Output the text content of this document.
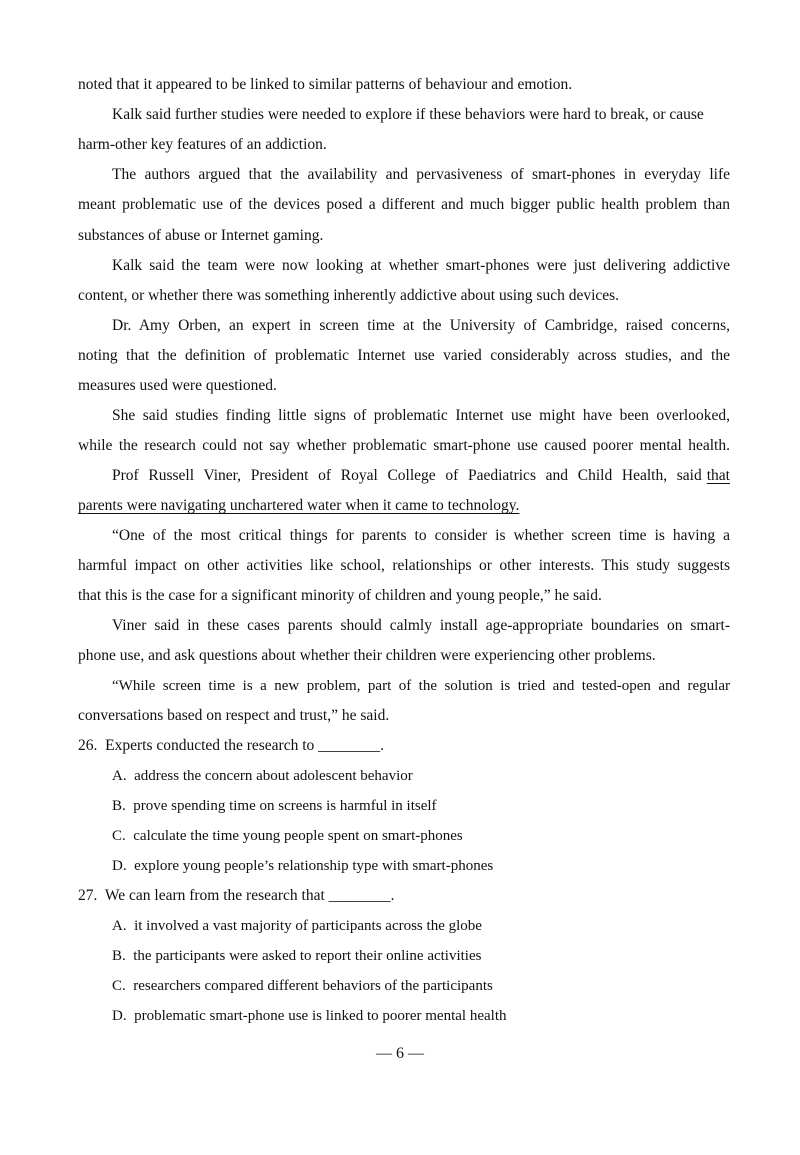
noted that it appeared to be linked to similar patterns of behaviour and emotion.
Kalk said further studies were needed to explore if these behaviors were hard to break, or cause
harm-other key features of an addiction.
The authors argued that the availability and pervasiveness of smart-phones in everyday life
meant problematic use of the devices posed a different and much bigger public health problem than
substances of abuse or Internet gaming.
Kalk said the team were now looking at whether smart-phones were just delivering addictive
content, or whether there was something inherently addictive about using such devices.
Dr. Amy Orben, an expert in screen time at the University of Cambridge, raised concerns,
noting that the definition of problematic Internet use varied considerably across studies, and the
measures used were questioned.
She said studies finding little signs of problematic Internet use might have been overlooked,
while the research could not say whether problematic smart-phone use caused poorer mental health.
Prof Russell Viner, President of Royal College of Paediatrics and Child Health, said that
parents were navigating unchartered water when it came to technology.
“One of the most critical things for parents to consider is whether screen time is having a
harmful impact on other activities like school, relationships or other interests. This study suggests
that this is the case for a significant minority of children and young people,” he said.
Viner said in these cases parents should calmly install age-appropriate boundaries on smart-
phone use, and ask questions about whether their children were experiencing other problems.
“While screen time is a new problem, part of the solution is tried and tested-open and regular
conversations based on respect and trust,” he said.
26. Experts conducted the research to ________.
A. address the concern about adolescent behavior
B. prove spending time on screens is harmful in itself
C. calculate the time young people spent on smart-phones
D. explore young people’s relationship type with smart-phones
27. We can learn from the research that ________.
A. it involved a vast majority of participants across the globe
B. the participants were asked to report their online activities
C. researchers compared different behaviors of the participants
D. problematic smart-phone use is linked to poorer mental health
— 6 —
